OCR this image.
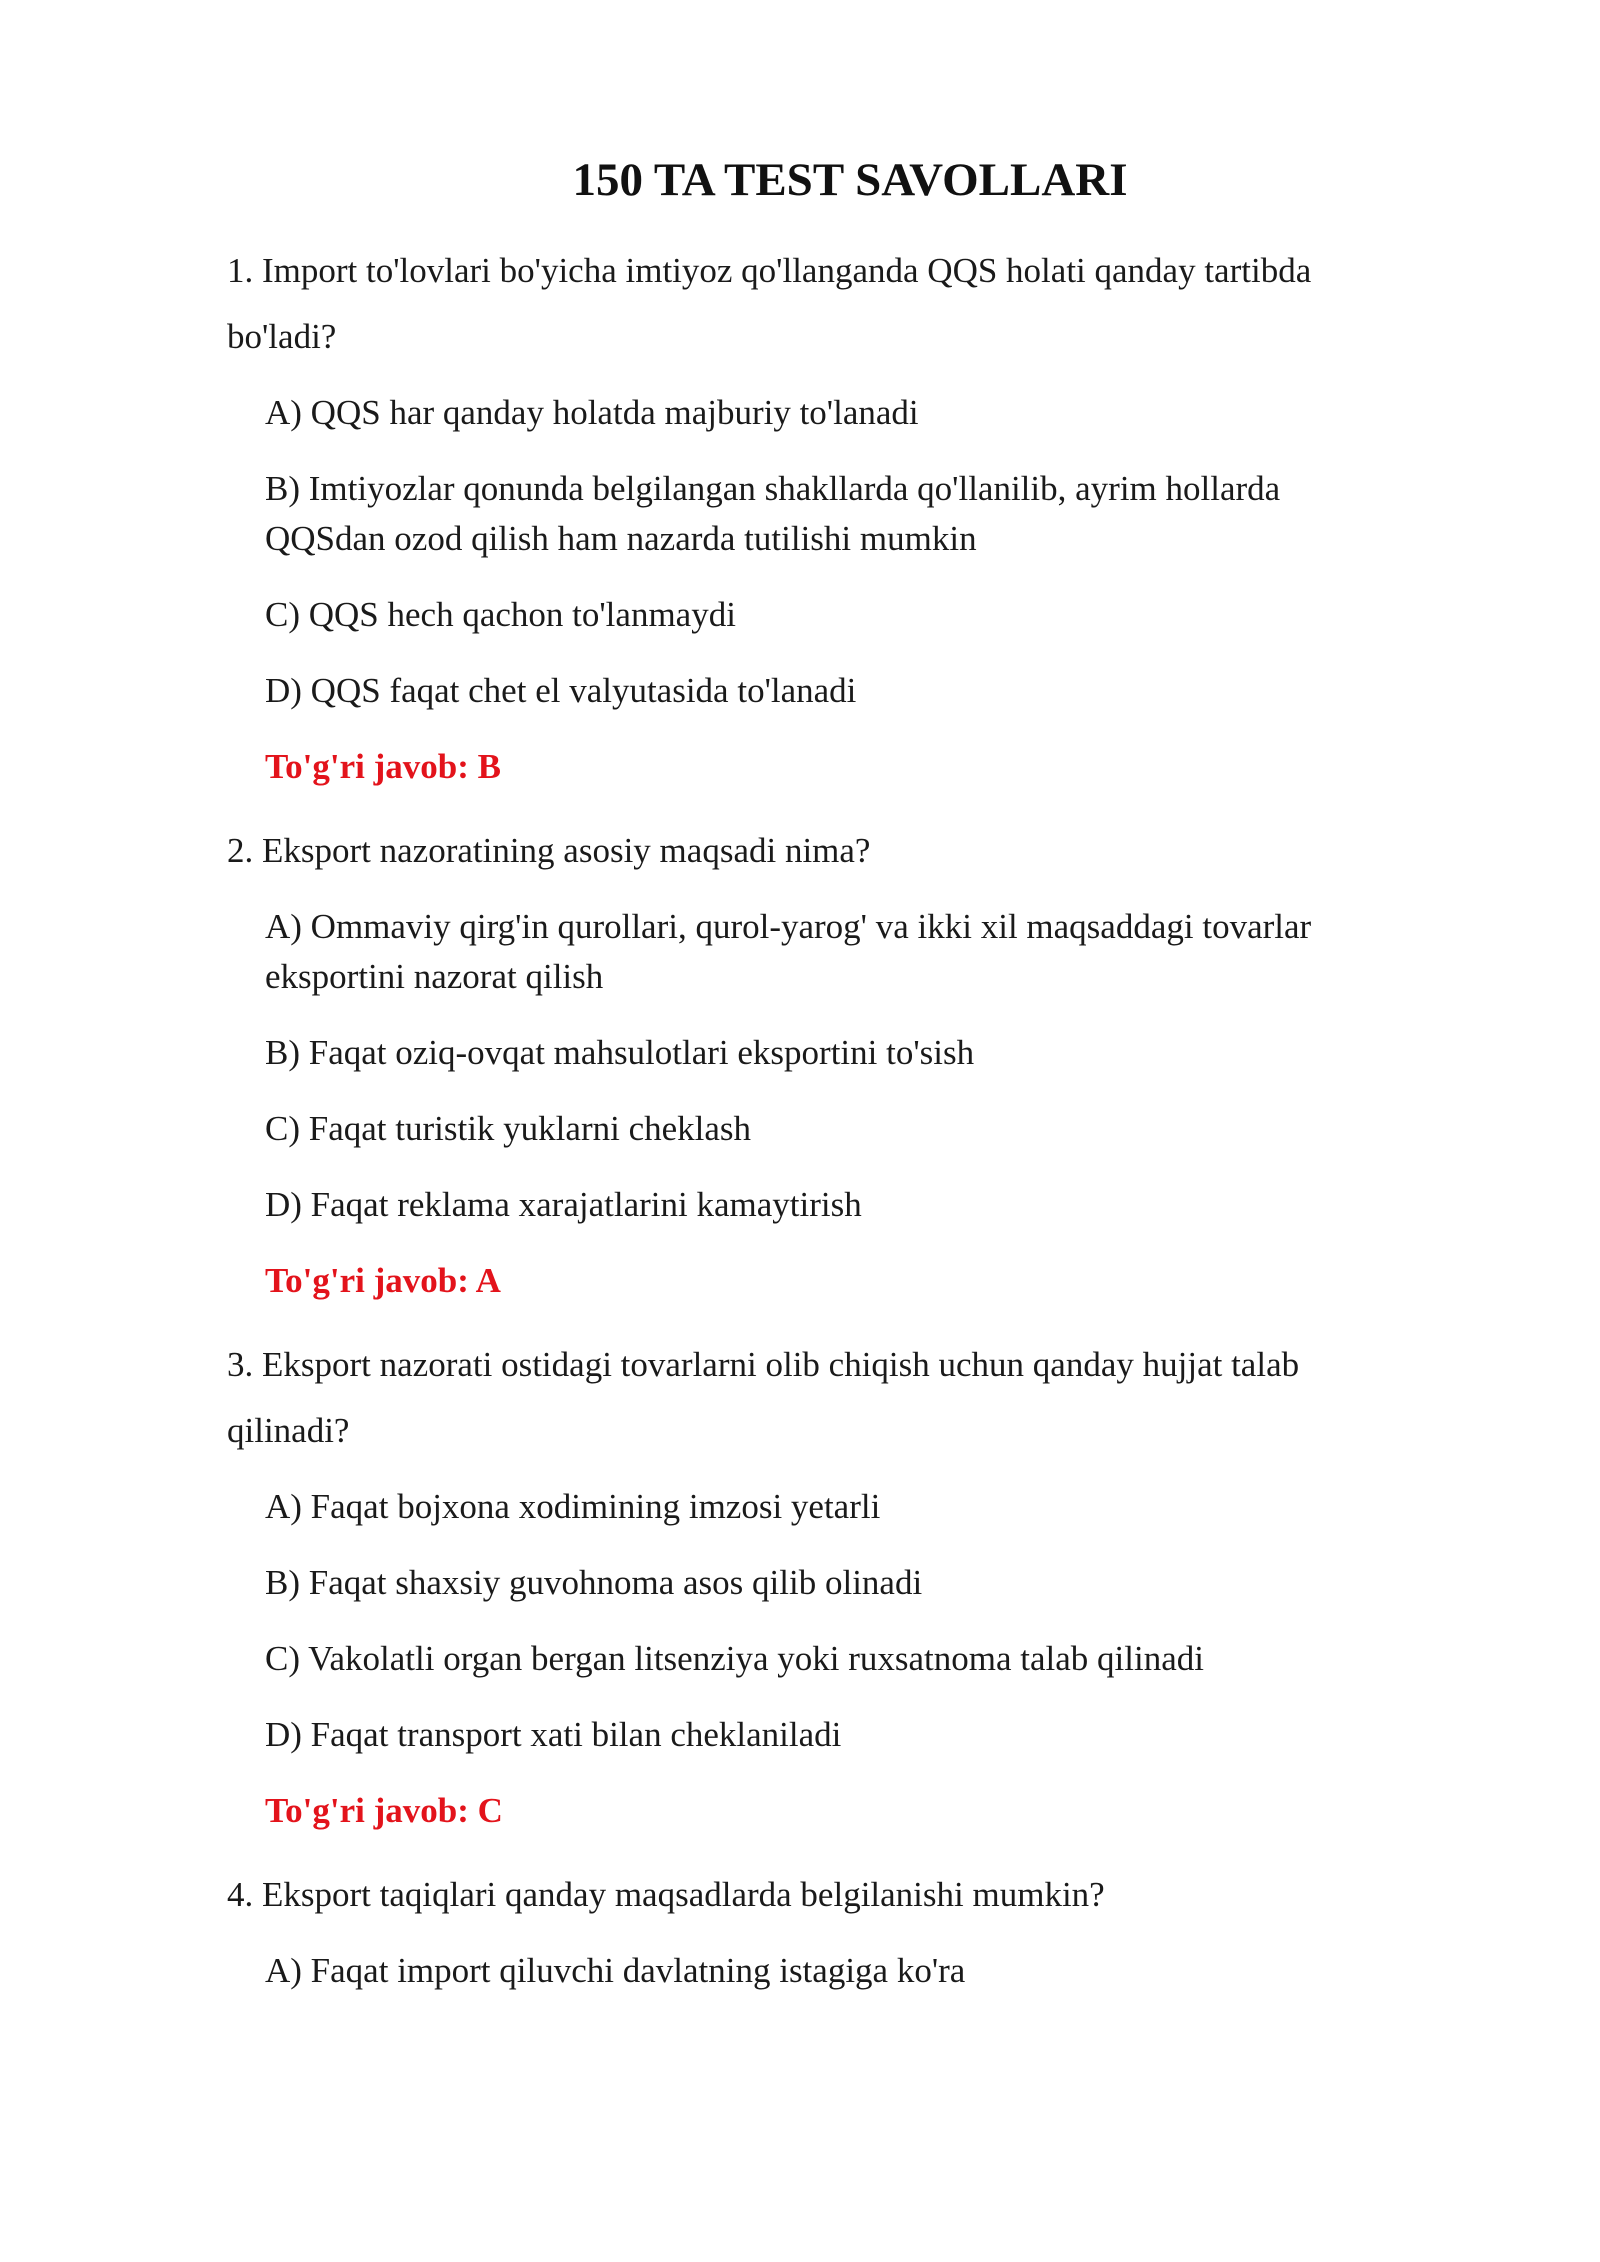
150 TA TEST SAVOLLARI

1. Import to'lovlari bo'yicha imtiyoz qo'llanganda QQS holati qanday tartibda bo'ladi?

A) QQS har qanday holatda majburiy to'lanadi
B) Imtiyozlar qonunda belgilangan shakllarda qo'llanilib, ayrim hollarda QQSdan ozod qilish ham nazarda tutilishi mumkin
C) QQS hech qachon to'lanmaydi
D) QQS faqat chet el valyutasida to'lanadi

To'g'ri javob: B

2. Eksport nazoratining asosiy maqsadi nima?

A) Ommaviy qirg'in qurollari, qurol-yarog' va ikki xil maqsaddagi tovarlar eksportini nazorat qilish
B) Faqat oziq-ovqat mahsulotlari eksportini to'sish
C) Faqat turistik yuklarni cheklash
D) Faqat reklama xarajatlarini kamaytirish

To'g'ri javob: A

3. Eksport nazorati ostidagi tovarlarni olib chiqish uchun qanday hujjat talab qilinadi?

A) Faqat bojxona xodimining imzosi yetarli
B) Faqat shaxsiy guvohnoma asos qilib olinadi
C) Vakolatli organ bergan litsenziya yoki ruxsatnoma talab qilinadi
D) Faqat transport xati bilan cheklaniladi

To'g'ri javob: C

4. Eksport taqiqlari qanday maqsadlarda belgilanishi mumkin?

A) Faqat import qiluvchi davlatning istagiga ko'ra
